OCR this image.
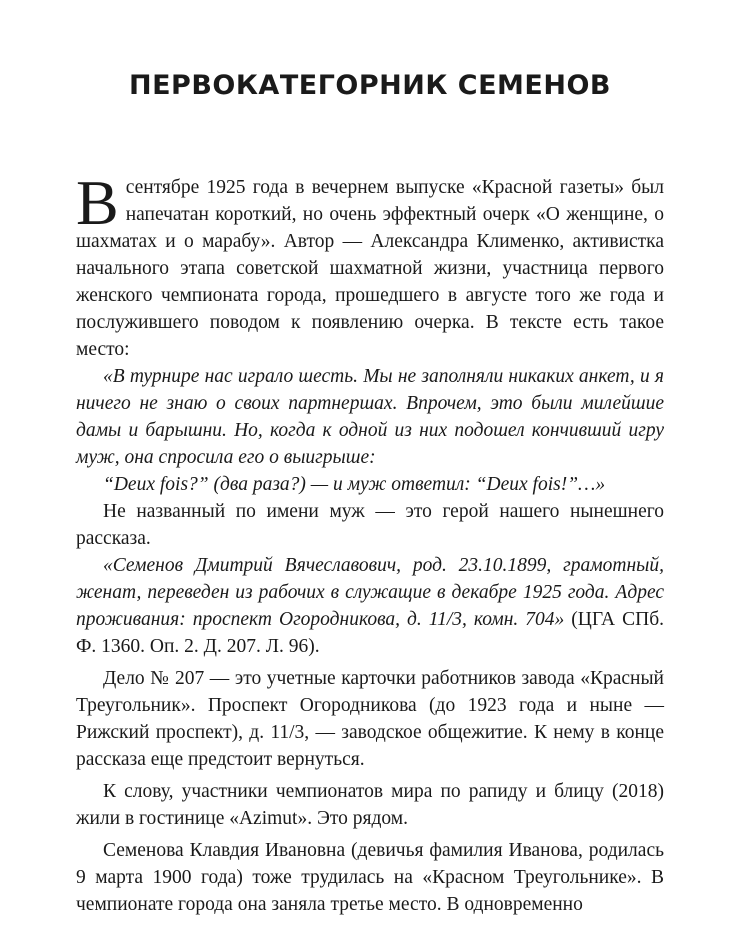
ПЕРВОКАТЕГОРНИК СЕМЕНОВ

Всентябре 1925 года в вечернем выпуске «Красной газеты» был напечатан короткий, но очень эффектный очерк «О женщине, о шахматах и о марабу». Автор — Александра Клименко, активистка начального этапа советской шахматной жизни, участница первого женского чемпионата города, прошедшего в августе того же года и послужившего поводом к появлению очерка. В тексте есть такое место:

«В турнире нас играло шесть. Мы не заполняли никаких анкет, и я ничего не знаю о своих партнершах. Впрочем, это были милейшие дамы и барышни. Но, когда к одной из них подошел кончивший игру муж, она спросила его о выигрыше:

“Deux fois?” (два раза?) — и муж ответил: “Deux fois!”…»

Не названный по имени муж — это герой нашего нынешнего рассказа.

«Семенов Дмитрий Вячеславович, род. 23.10.1899, грамотный, женат, переведен из рабочих в служащие в декабре 1925 года. Адрес проживания: проспект Огородникова, д. 11/3, комн. 704» (ЦГА СПб. Ф. 1360. Оп. 2. Д. 207. Л. 96).

Дело № 207 — это учетные карточки работников завода «Красный Треугольник». Проспект Огородникова (до 1923 года и ныне — Рижский проспект), д. 11/3, — заводское общежитие. К нему в конце рассказа еще предстоит вернуться.

К слову, участники чемпионатов мира по рапиду и блицу (2018) жили в гостинице «Azimut». Это рядом.

Семенова Клавдия Ивановна (девичья фамилия Иванова, родилась 9 марта 1900 года) тоже трудилась на «Красном Треугольнике». В чемпионате города она заняла третье место. В одновременно
